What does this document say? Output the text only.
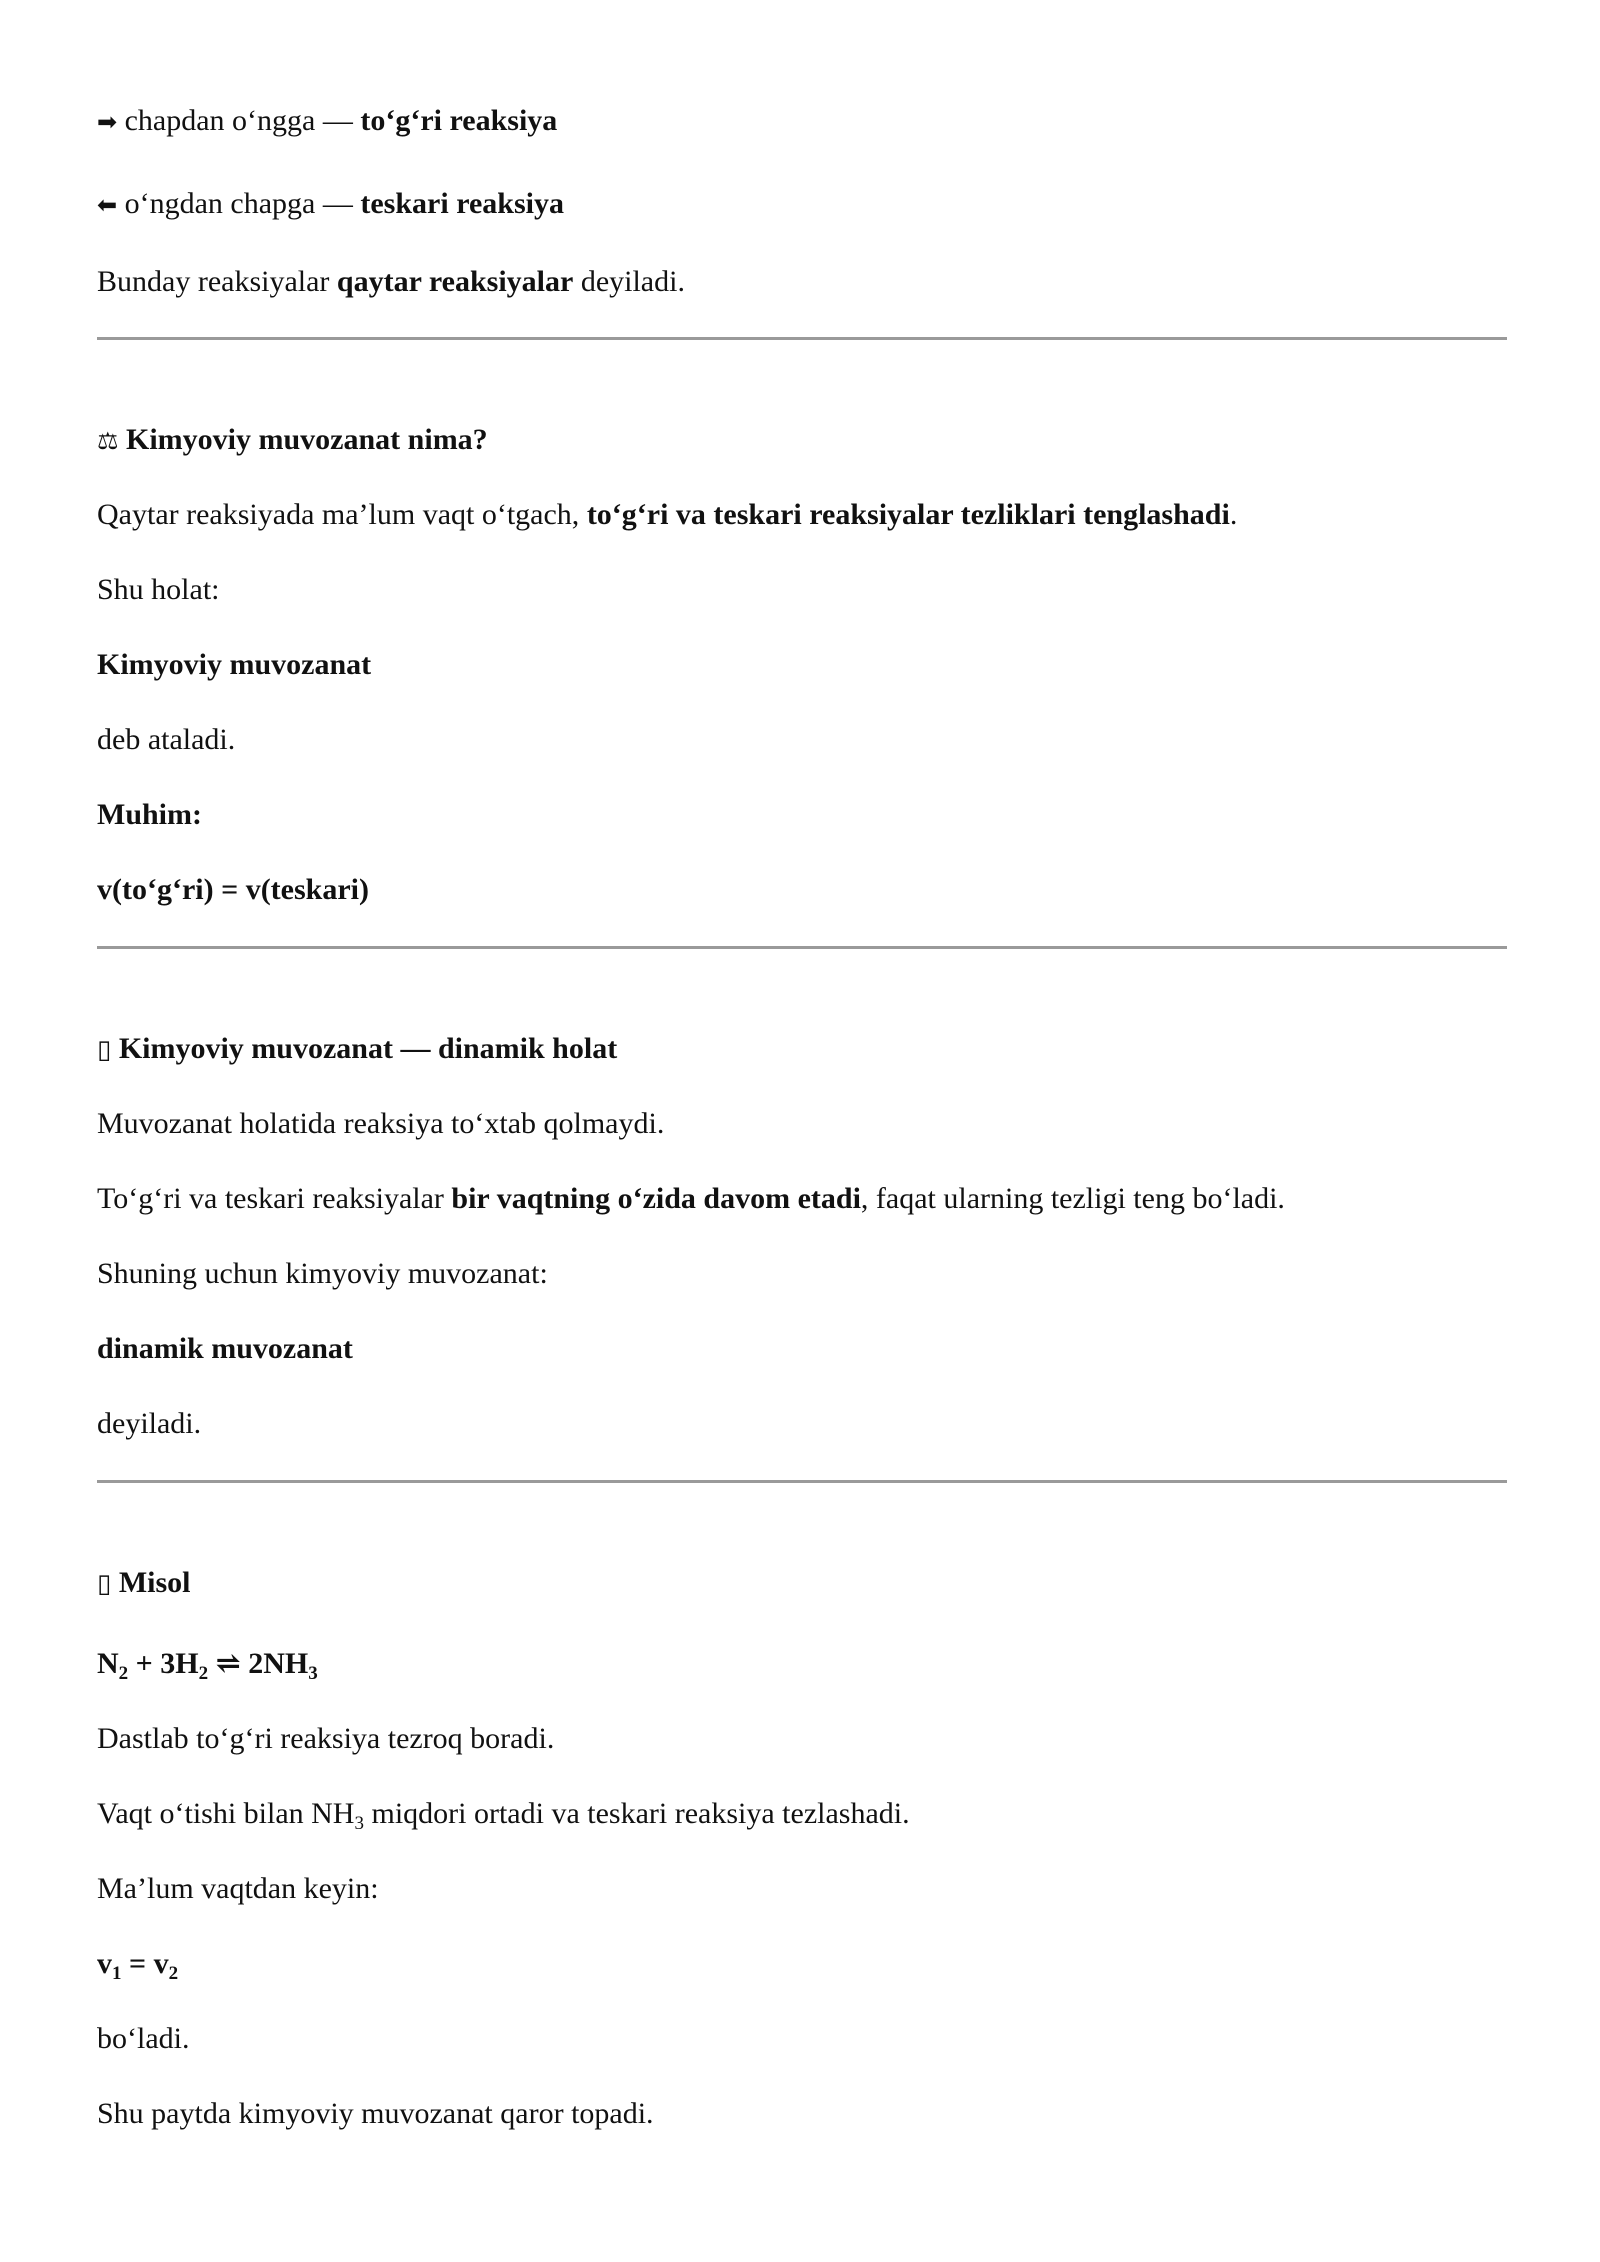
➡ chapdan o‘ngga — to‘g‘ri reaksiya
⬅ o‘ngdan chapga — teskari reaksiya
Bunday reaksiyalar qaytar reaksiyalar deyiladi.
⚖ Kimyoviy muvozanat nima?
Qaytar reaksiyada ma’lum vaqt o‘tgach, to‘g‘ri va teskari reaksiyalar tezliklari tenglashadi.
Shu holat:
Kimyoviy muvozanat
deb ataladi.
Muhim:
v(to‘g‘ri) = v(teskari)
▯ Kimyoviy muvozanat — dinamik holat
Muvozanat holatida reaksiya to‘xtab qolmaydi.
To‘g‘ri va teskari reaksiyalar bir vaqtning o‘zida davom etadi, faqat ularning tezligi teng bo‘ladi.
Shuning uchun kimyoviy muvozanat:
dinamik muvozanat
deyiladi.
▯ Misol
$N_2 + 3H_2$ ⇌ $2NH_3$
Dastlab to‘g‘ri reaksiya tezroq boradi.
Vaqt o‘tishi bilan $NH_3$ miqdori ortadi va teskari reaksiya tezlashadi.
Ma’lum vaqtdan keyin:
$v_1 = v_2$
bo‘ladi.
Shu paytda kimyoviy muvozanat qaror topadi.
